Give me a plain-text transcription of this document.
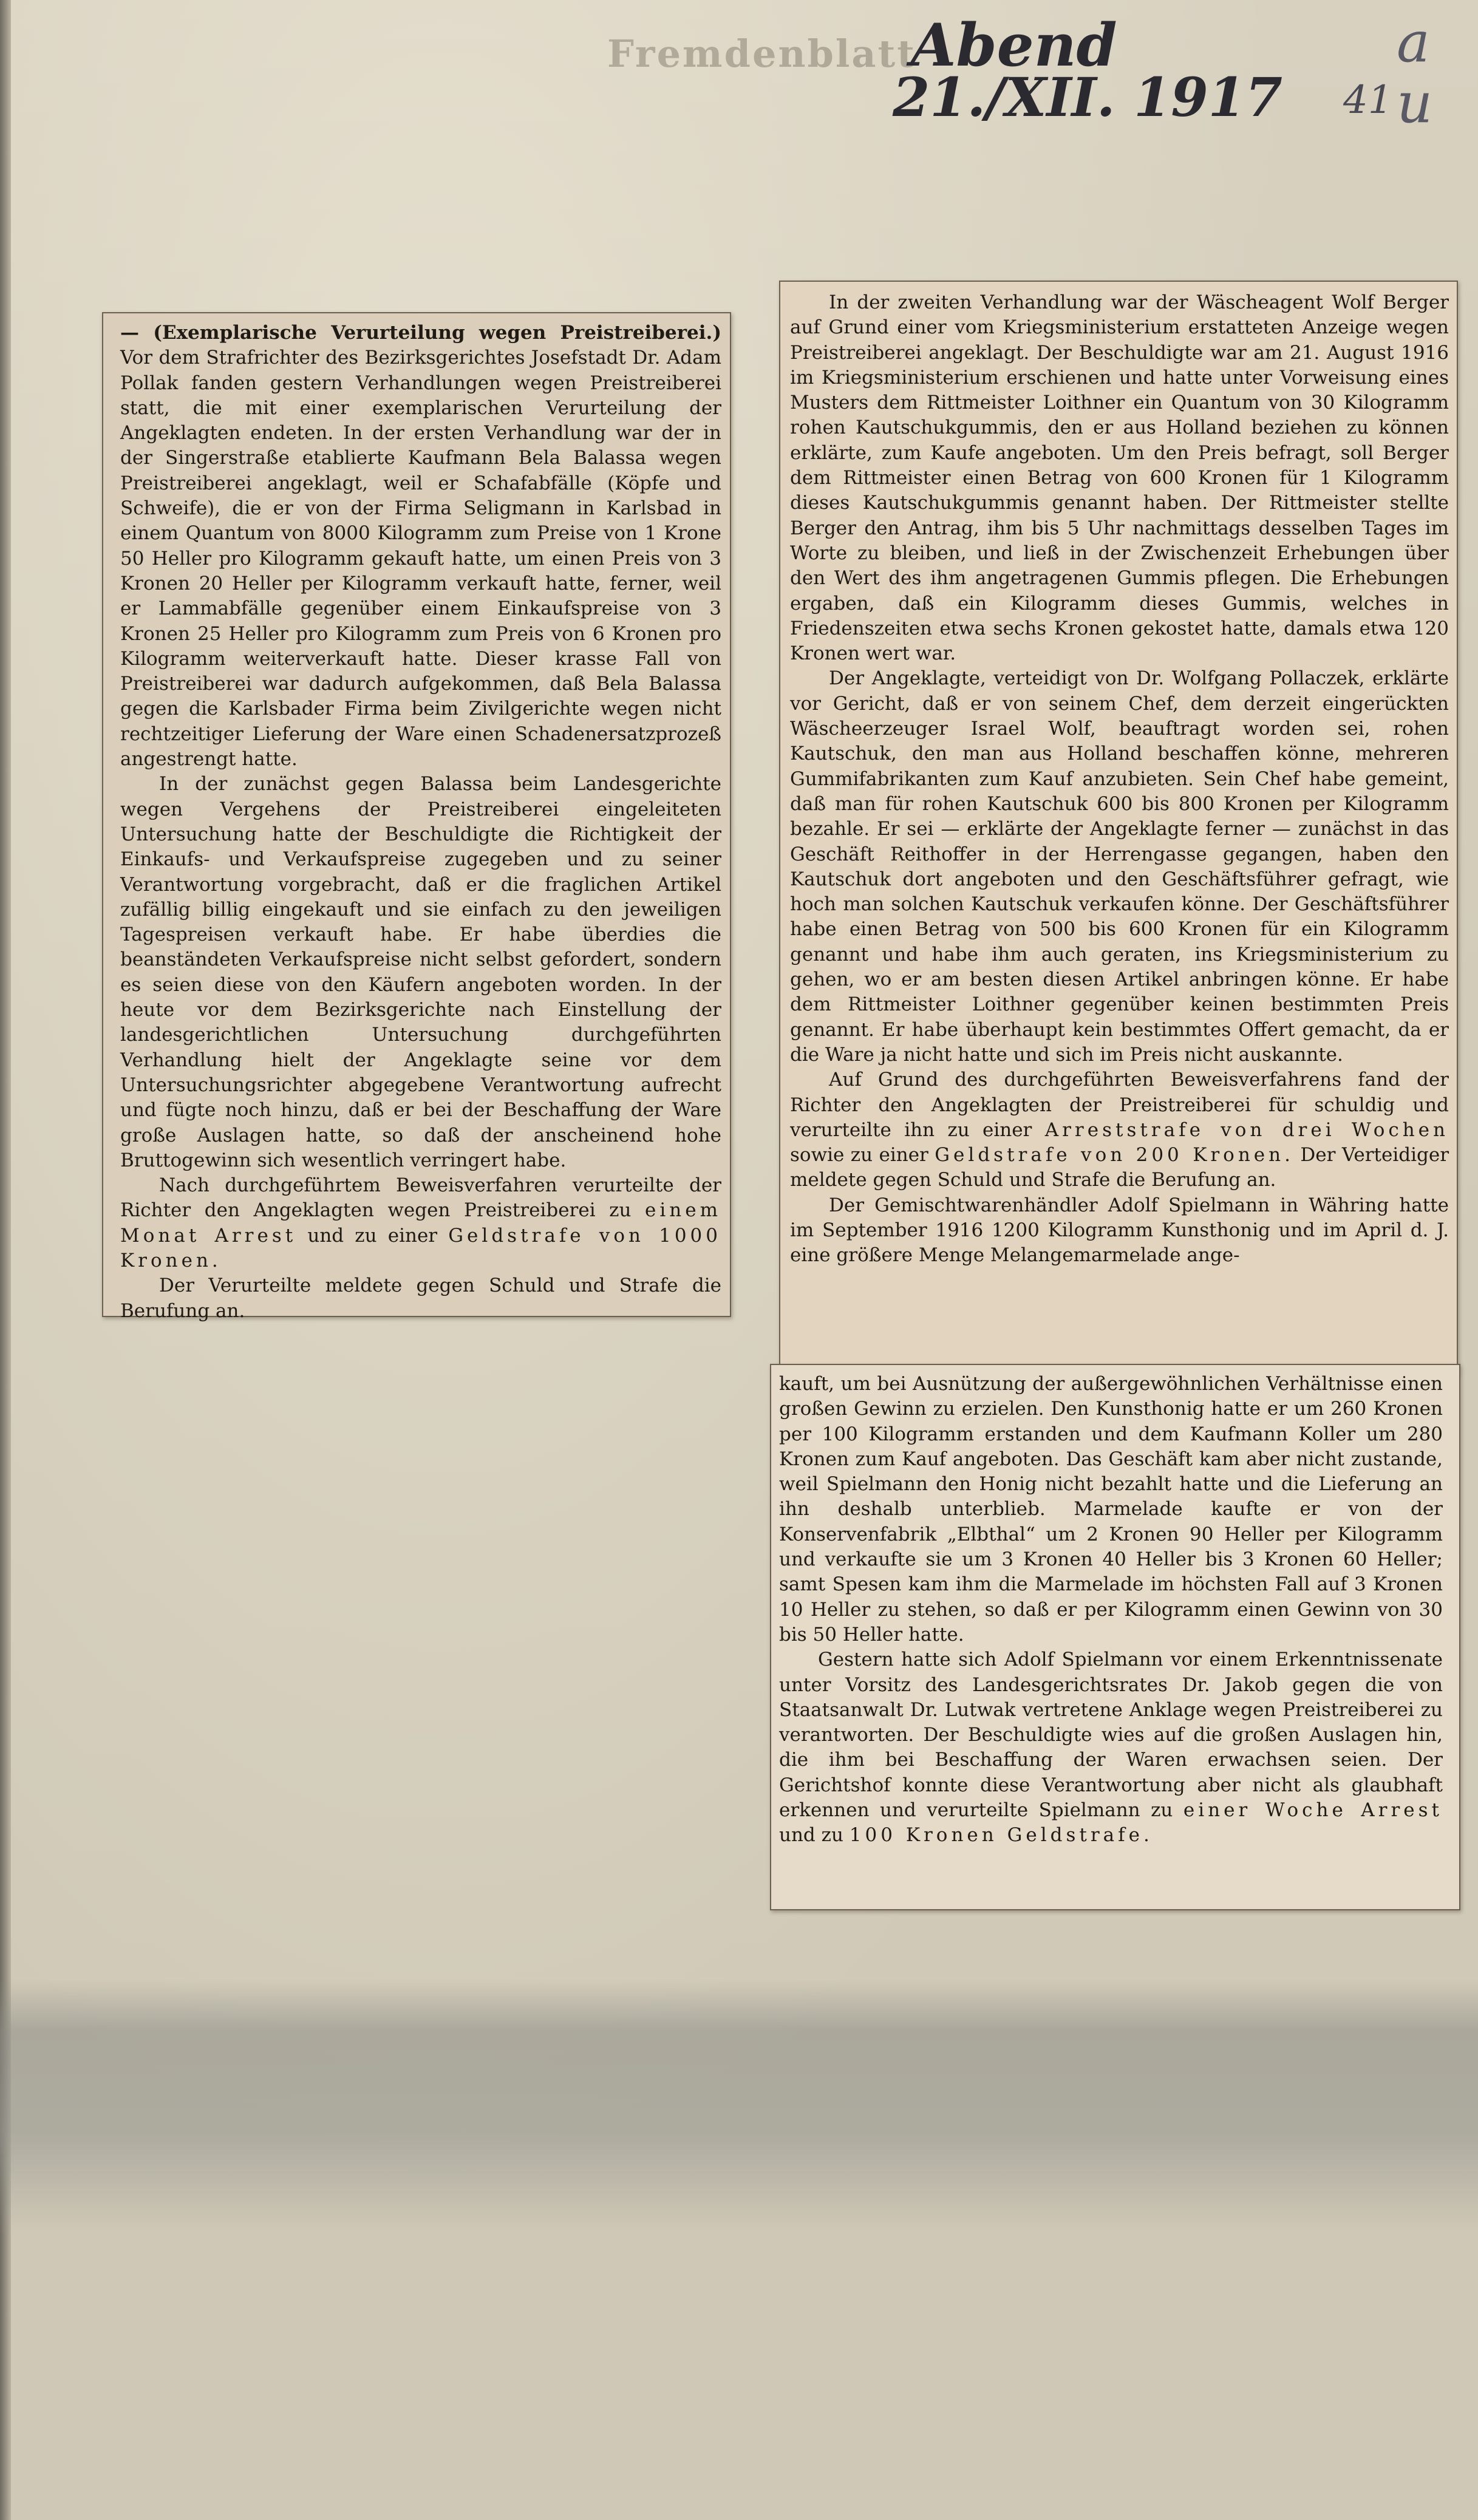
Fremdenblatt
Abend
21./XII. 1917 41
a u

— (Exemplarische Verurteilung wegen Preistreiberei.) Vor dem Strafrichter des Bezirksgerichtes Josefstadt Dr. Adam Pollak fanden gestern Verhandlungen wegen Preistreiberei statt, die mit einer exemplarischen Verurteilung der Angeklagten endeten. In der ersten Verhandlung war der in der Singerstraße etablierte Kaufmann Bela Balassa wegen Preistreiberei angeklagt, weil er Schafabfälle (Köpfe und Schweife), die er von der Firma Seligmann in Karlsbad in einem Quantum von 8000 Kilogramm zum Preise von 1 Krone 50 Heller pro Kilogramm gekauft hatte, um einen Preis von 3 Kronen 20 Heller per Kilogramm verkauft hatte, ferner, weil er Lammabfälle gegenüber einem Einkaufspreise von 3 Kronen 25 Heller pro Kilogramm zum Preis von 6 Kronen pro Kilogramm weiterverkauft hatte. Dieser krasse Fall von Preistreiberei war dadurch aufgekommen, daß Bela Balassa gegen die Karlsbader Firma beim Zivilgerichte wegen nicht rechtzeitiger Lieferung der Ware einen Schadenersatzprozeß angestrengt hatte.

In der zunächst gegen Balassa beim Landesgerichte wegen Vergehens der Preistreiberei eingeleiteten Untersuchung hatte der Beschuldigte die Richtigkeit der Einkaufs- und Verkaufspreise zugegeben und zu seiner Verantwortung vorgebracht, daß er die fraglichen Artikel zufällig billig eingekauft und sie einfach zu den jeweiligen Tagespreisen verkauft habe. Er habe überdies die beanständeten Verkaufspreise nicht selbst gefordert, sondern es seien diese von den Käufern angeboten worden. In der heute vor dem Bezirksgerichte nach Einstellung der landesgerichtlichen Untersuchung durchgeführten Verhandlung hielt der Angeklagte seine vor dem Untersuchungsrichter abgegebene Verantwortung aufrecht und fügte noch hinzu, daß er bei der Beschaffung der Ware große Auslagen hatte, so daß der anscheinend hohe Bruttogewinn sich wesentlich verringert habe.

Nach durchgeführtem Beweisverfahren verurteilte der Richter den Angeklagten wegen Preistreiberei zu einem Monat Arrest und zu einer Geldstrafe von 1000 Kronen.

Der Verurteilte meldete gegen Schuld und Strafe die Berufung an.

In der zweiten Verhandlung war der Wäscheagent Wolf Berger auf Grund einer vom Kriegsministerium erstatteten Anzeige wegen Preistreiberei angeklagt. Der Beschuldigte war am 21. August 1916 im Kriegsministerium erschienen und hatte unter Vorweisung eines Musters dem Rittmeister Loithner ein Quantum von 30 Kilogramm rohen Kautschukgummis, den er aus Holland beziehen zu können erklärte, zum Kaufe angeboten. Um den Preis befragt, soll Berger dem Rittmeister einen Betrag von 600 Kronen für 1 Kilogramm dieses Kautschukgummis genannt haben. Der Rittmeister stellte Berger den Antrag, ihm bis 5 Uhr nachmittags desselben Tages im Worte zu bleiben, und ließ in der Zwischenzeit Erhebungen über den Wert des ihm angetragenen Gummis pflegen. Die Erhebungen ergaben, daß ein Kilogramm dieses Gummis, welches in Friedenszeiten etwa sechs Kronen gekostet hatte, damals etwa 120 Kronen wert war.

Der Angeklagte, verteidigt von Dr. Wolfgang Pollaczek, erklärte vor Gericht, daß er von seinem Chef, dem derzeit eingerückten Wäscheerzeuger Israel Wolf, beauftragt worden sei, rohen Kautschuk, den man aus Holland beschaffen könne, mehreren Gummifabrikanten zum Kauf anzubieten. Sein Chef habe gemeint, daß man für rohen Kautschuk 600 bis 800 Kronen per Kilogramm bezahle. Er sei — erklärte der Angeklagte ferner — zunächst in das Geschäft Reithoffer in der Herrengasse gegangen, haben den Kautschuk dort angeboten und den Geschäftsführer gefragt, wie hoch man solchen Kautschuk verkaufen könne. Der Geschäftsführer habe einen Betrag von 500 bis 600 Kronen für ein Kilogramm genannt und habe ihm auch geraten, ins Kriegsministerium zu gehen, wo er am besten diesen Artikel anbringen könne. Er habe dem Rittmeister Loithner gegenüber keinen bestimmten Preis genannt. Er habe überhaupt kein bestimmtes Offert gemacht, da er die Ware ja nicht hatte und sich im Preis nicht auskannte.

Auf Grund des durchgeführten Beweisverfahrens fand der Richter den Angeklagten der Preistreiberei für schuldig und verurteilte ihn zu einer Arreststrafe von drei Wochen sowie zu einer Geldstrafe von 200 Kronen. Der Verteidiger meldete gegen Schuld und Strafe die Berufung an.

Der Gemischtwarenhändler Adolf Spielmann in Währing hatte im September 1916 1200 Kilogramm Kunsthonig und im April d. J. eine größere Menge Melangemarmelade ange-

kauft, um bei Ausnützung der außergewöhnlichen Verhältnisse einen großen Gewinn zu erzielen. Den Kunsthonig hatte er um 260 Kronen per 100 Kilogramm erstanden und dem Kaufmann Koller um 280 Kronen zum Kauf angeboten. Das Geschäft kam aber nicht zustande, weil Spielmann den Honig nicht bezahlt hatte und die Lieferung an ihn deshalb unterblieb. Marmelade kaufte er von der Konservenfabrik „Elbthal“ um 2 Kronen 90 Heller per Kilogramm und verkaufte sie um 3 Kronen 40 Heller bis 3 Kronen 60 Heller; samt Spesen kam ihm die Marmelade im höchsten Fall auf 3 Kronen 10 Heller zu stehen, so daß er per Kilogramm einen Gewinn von 30 bis 50 Heller hatte.

Gestern hatte sich Adolf Spielmann vor einem Erkenntnissenate unter Vorsitz des Landesgerichtsrates Dr. Jakob gegen die von Staatsanwalt Dr. Lutwak vertretene Anklage wegen Preistreiberei zu verantworten. Der Beschuldigte wies auf die großen Auslagen hin, die ihm bei Beschaffung der Waren erwachsen seien. Der Gerichtshof konnte diese Verantwortung aber nicht als glaubhaft erkennen und verurteilte Spielmann zu einer Woche Arrest und zu 100 Kronen Geldstrafe.
